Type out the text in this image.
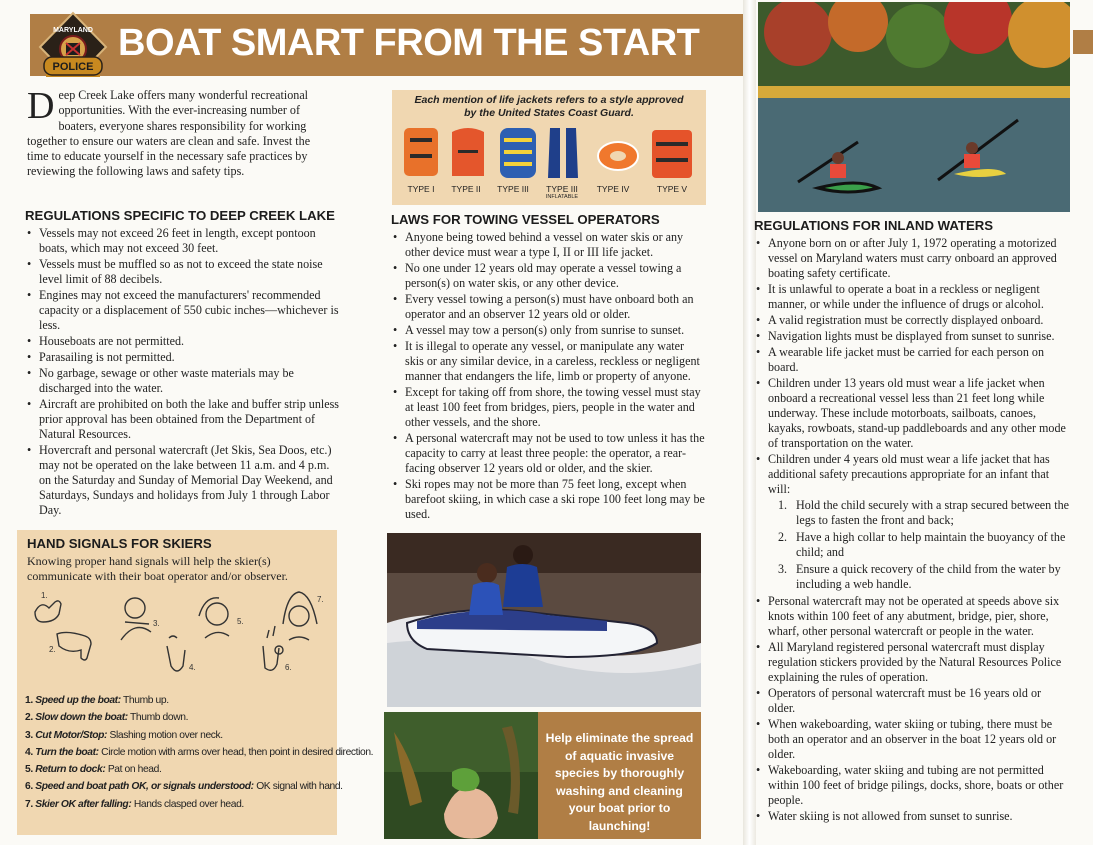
POLICE
MARYLAND BOAT SMART FROM THE START

Deep Creek Lake offers many wonderful recreational opportunities. With the ever-increasing number of boaters, everyone shares responsibility for working together to ensure our waters are clean and safe. Invest the time to educate yourself in the necessary safe practices by reviewing the following laws and safety tips.

REGULATIONS SPECIFIC TO DEEP CREEK LAKE
• Vessels may not exceed 26 feet in length, except pontoon boats, which may not exceed 30 feet.
• Vessels must be muffled so as not to exceed the state noise level limit of 88 decibels.
• Engines may not exceed the manufacturers' recommended capacity or a displacement of 550 cubic inches—whichever is less.
• Houseboats are not permitted.
• Parasailing is not permitted.
• No garbage, sewage or other waste materials may be discharged into the water.
• Aircraft are prohibited on both the lake and buffer strip unless prior approval has been obtained from the Department of Natural Resources.
• Hovercraft and personal watercraft (Jet Skis, Sea Doos, etc.) may not be operated on the lake between 11 a.m. and 4 p.m. on the Saturday and Sunday of Memorial Day Weekend, and Saturdays, Sundays and holidays from July 1 through Labor Day.
HAND SIGNALS FOR SKIERS

Knowing proper hand signals will help the skier(s) communicate with their boat operator and/or observer.

1.
2.
3.
4.
5.
6.
7.
1. Speed up the boat: Thumb up.
2. Slow down the boat: Thumb down.
3. Cut Motor/Stop: Slashing motion over neck.
4. Turn the boat: Circle motion with arms over head, then point in desired direction.
5. Return to dock: Pat on head.
6. Speed and boat path OK, or signals understood: OK signal with hand.
7. Skier OK after falling: Hands clasped over head.
Each mention of life jackets refers to a style approved
by the United States Coast Guard.
TYPE I	TYPE II	TYPE III	TYPE III
INFLATABLE
TYPE IV	TYPE V
LAWS FOR TOWING VESSEL OPERATORS
• Anyone being towed behind a vessel on water skis or any other device must wear a type I, II or III life jacket.
• No one under 12 years old may operate a vessel towing a person(s) on water skis, or any other device.
• Every vessel towing a person(s) must have onboard both an operator and an observer 12 years old or older.
• A vessel may tow a person(s) only from sunrise to sunset.
• It is illegal to operate any vessel, or manipulate any water skis or any similar device, in a careless, reckless or negligent manner that endangers the life, limb or property of anyone.
• Except for taking off from shore, the towing vessel must stay at least 100 feet from bridges, piers, people in the water and other vessels, and the shore.
• A personal watercraft may not be used to tow unless it has the capacity to carry at least three people: the operator, a rear-facing observer 12 years old or older, and the skier.
• Ski ropes may not be more than 75 feet long, except when barefoot skiing, in which case a ski rope 100 feet long may be used.
Help eliminate the spread of aquatic invasive species by thoroughly washing and cleaning your boat prior to launching!
REGULATIONS FOR INLAND WATERS
• Anyone born on or after July 1, 1972 operating a motorized vessel on Maryland waters must carry onboard an approved boating safety certificate.
• It is unlawful to operate a boat in a reckless or negligent manner, or while under the influence of drugs or alcohol.
• A valid registration must be correctly displayed onboard.
• Navigation lights must be displayed from sunset to sunrise.
• A wearable life jacket must be carried for each person on board.
• Children under 13 years old must wear a life jacket when onboard a recreational vessel less than 21 feet long while underway. These include motorboats, sailboats, canoes, kayaks, rowboats, stand-up paddleboards and any other mode of transportation on the water.
• Children under 4 years old must wear a life jacket that has additional safety precautions appropriate for an infant that will:
1. Hold the child securely with a strap secured between the legs to fasten the front and back;
2. Have a high collar to help maintain the buoyancy of the child; and
3. Ensure a quick recovery of the child from the water by including a web handle.
• Personal watercraft may not be operated at speeds above six knots within 100 feet of any abutment, bridge, pier, shore, wharf, other personal watercraft or people in the water.
• All Maryland registered personal watercraft must display regulation stickers provided by the Natural Resources Police explaining the rules of operation.
• Operators of personal watercraft must be 16 years old or older.
• When wakeboarding, water skiing or tubing, there must be both an operator and an observer in the boat 12 years old or older.
• Wakeboarding, water skiing and tubing are not permitted within 100 feet of bridge pilings, docks, shore, boats or other people.
• Water skiing is not allowed from sunset to sunrise.
